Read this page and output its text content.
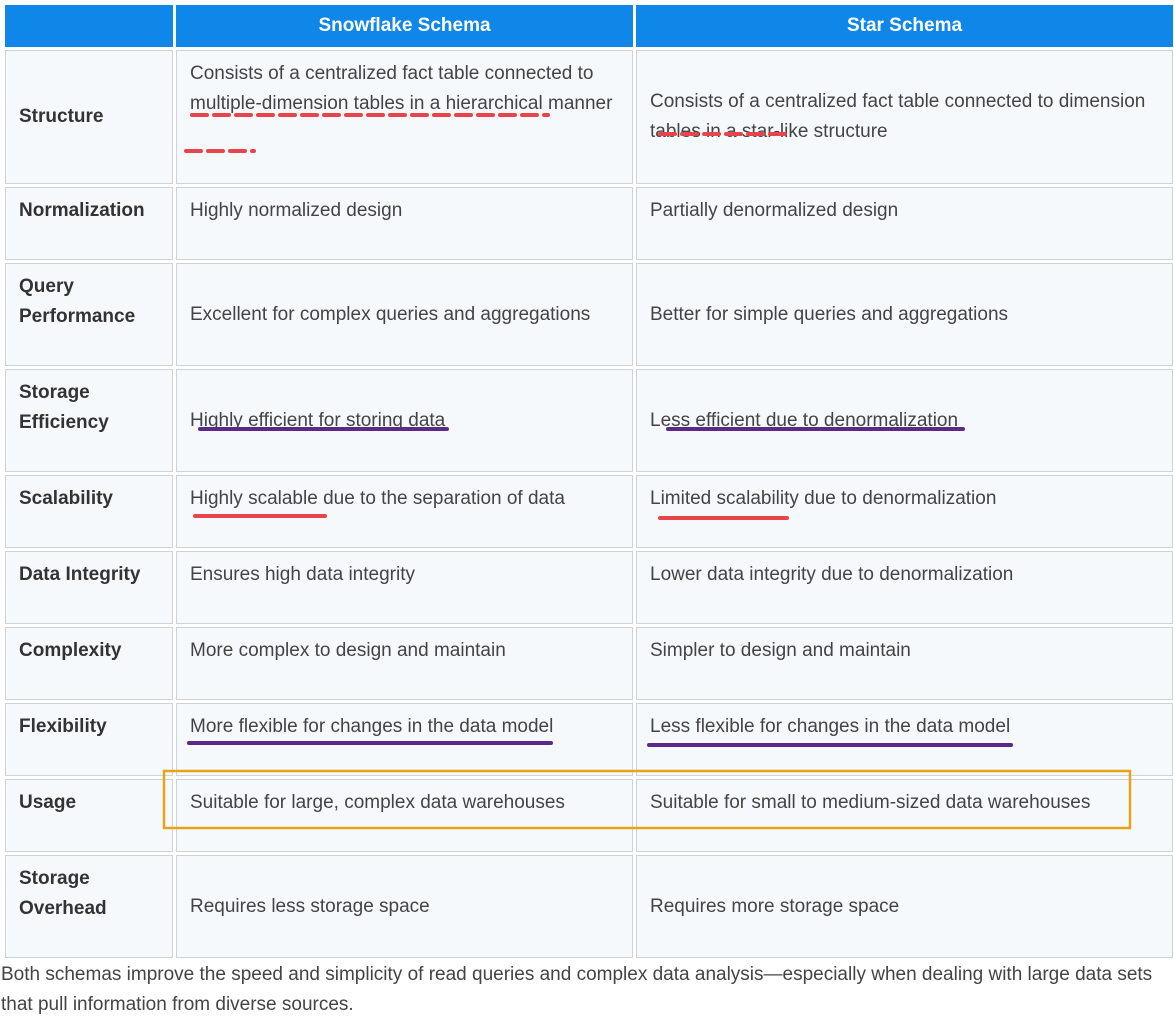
	Snowflake Schema	Star Schema
Structure	Consists of a centralized fact table connected to multiple-dimension tables in a hierarchical manner	Consists of a centralized fact table connected to dimension tables in a star-like structure
Normalization	Highly normalized design	Partially denormalized design
Query Performance	Excellent for complex queries and aggregations	Better for simple queries and aggregations
Storage Efficiency	Highly efficient for storing data	Less efficient due to denormalization
Scalability	Highly scalable due to the separation of data	Limited scalability due to denormalization
Data Integrity	Ensures high data integrity	Lower data integrity due to denormalization
Complexity	More complex to design and maintain	Simpler to design and maintain
Flexibility	More flexible for changes in the data model	Less flexible for changes in the data model
Usage	Suitable for large, complex data warehouses	Suitable for small to medium-sized data warehouses
Storage Overhead	Requires less storage space	Requires more storage space
Both schemas improve the speed and simplicity of read queries and complex data analysis—especially when dealing with large data sets that pull information from diverse sources.
